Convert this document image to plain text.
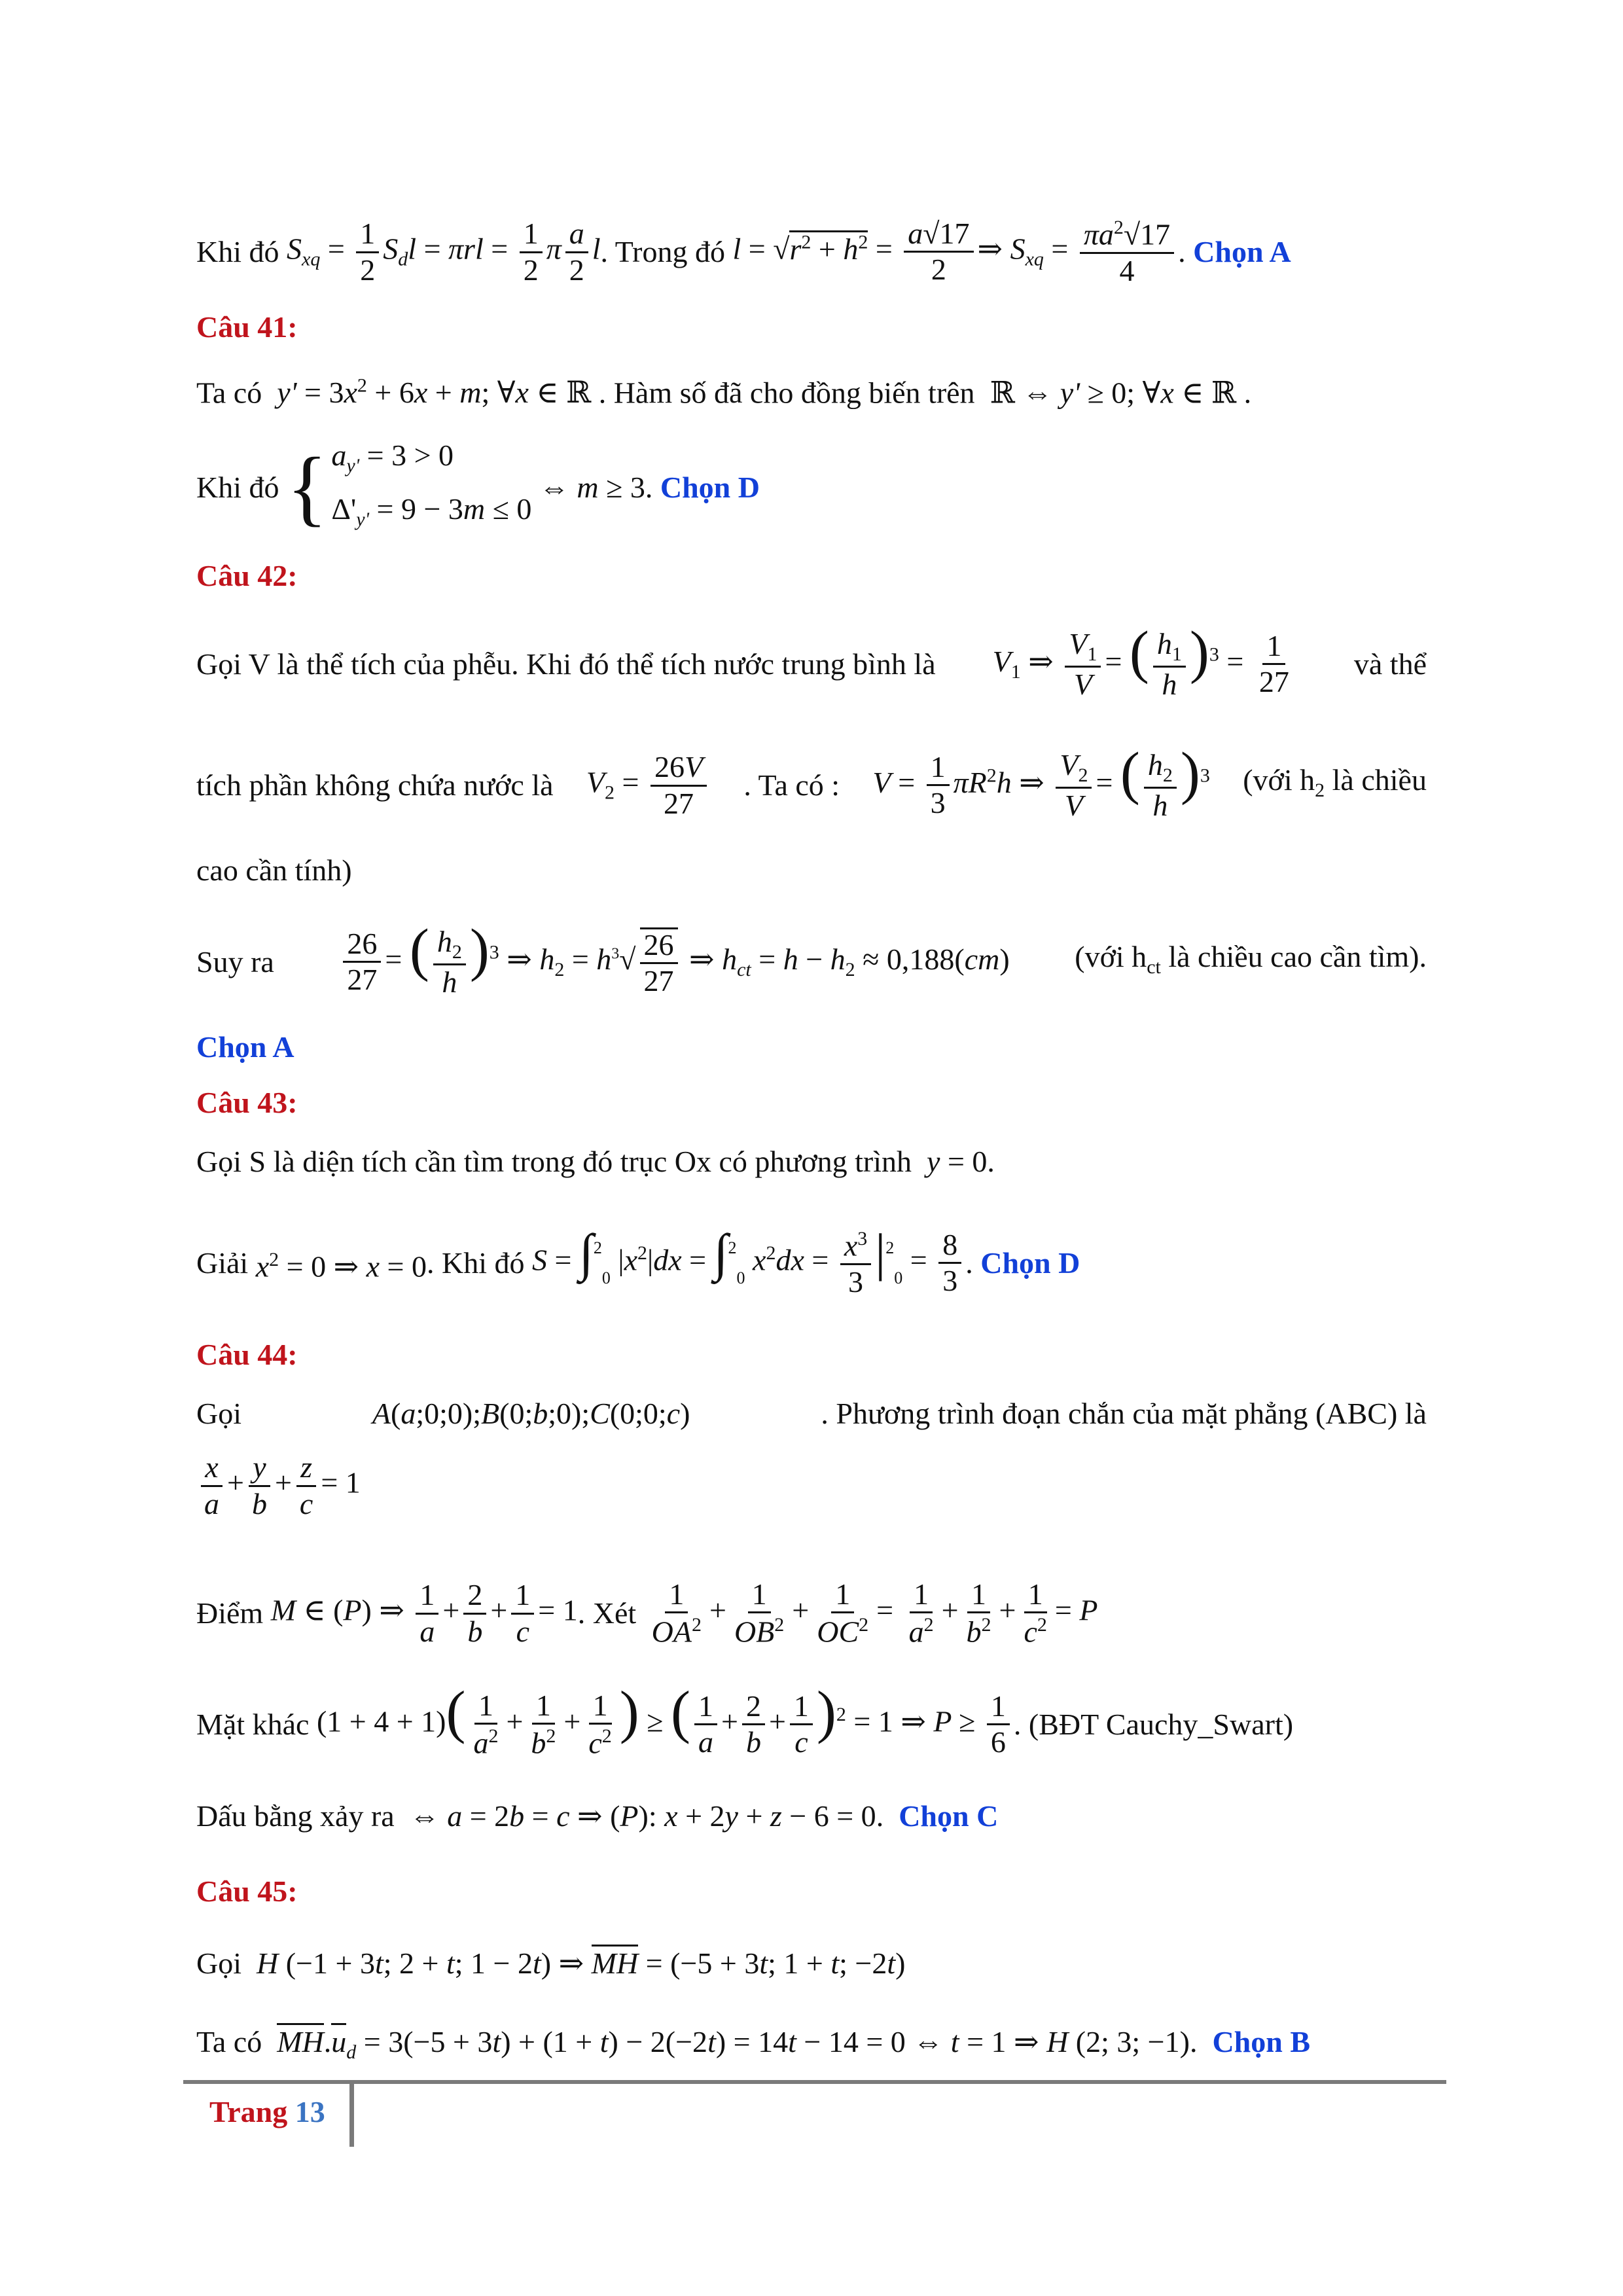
Khi đó
$S_{xq} = \frac{1}{2} S_dl = \pi rl = \frac{1}{2}$ π $\frac{a}{2}$ l . Trong đó
$l = √r^2 + h^2 = \frac{a√17}{2}$ ⇒ $S_{xq} = \frac{\pi a^2√17}{4}$ . Chọn A
Câu 41:
Ta có $y' = 3x^2 + 6x + m$; ∀x ∈ ℝ . Hàm số đã cho đồng biến trên ℝ ⇔ y' ≥ 0; ∀x ∈ ℝ .
Khi đó
{ $a_{y'} = 3 > 0$
$\Delta'_{y'} = 9 - 3m \le 0$
⇔ m ≥ 3 . Chọn D
Câu 42:
Gọi V là thể tích của phễu. Khi đó thể tích nước trung bình là $V_1$ ⇒ $\frac{V_1}{V}$ = ( $\frac{h_1}{h} )^3 = \frac{1}{27}$ và thể
tích phần không chứa nước là $V_2 = \frac{26V}{27}$ . Ta có : $V = \frac{1}{3} \pi R^2h$ ⇒ $\frac{V_2}{V}$ = ( $\frac{h_2}{h} )^3$ (với $h_2$ là chiều
cao cần tính)
Suy ra $\frac{26}{27}$ = ( $\frac{h_2}{h} )^3$ ⇒ $h_2 = h^3√ \frac{26}{27}$ ⇒ $h_{ct} = h - h_2 \approx 0,188(cm)$ (với $h_{ct}$ là chiều cao cần tìm).
Chọn A
Câu 43:
Gọi S là diện tích cần tìm trong đó trục Ox có phương trình y = 0.
Giải
$x^2 = 0$ ⇒ x = 0 . Khi đó
S = ∫$^2$0 $|x^2|dx = \int^20$ $x^2dx = \frac{x^3}{3} |^20 = \frac{8}{3}$ . Chọn D
Câu 44:
Gọi	A(a;0;0);B(0;b;0);C(0;0;c)	. Phương trình đoạn chắn của mặt phẳng (ABC) là
$\frac{x}{a} + \frac{y}{b} + \frac{z}{c} = 1$
Điểm
M ∈ (P) ⇒ $\frac{1}{a} + \frac{2}{b} + \frac{1}{c} = 1$ . Xét
$\frac{1}{OA^2} + \frac{1}{OB^2} + \frac{1}{OC^2} = \frac{1}{a^2} + \frac{1}{b^2} + \frac{1}{c^2} = P$
Mặt khác
$(1 + 4 + 1)( \frac{1}{a^2} + \frac{1}{b^2} + \frac{1}{c^2}$ ) ≥ ( $\frac{1}{a} + \frac{2}{b} + \frac{1}{c} )^2 = 1$ ⇒ $P \ge \frac{1}{6}$ . (BĐT Cauchy_Swart)
Dấu bằng xảy ra ⇔ a = 2b = c ⇒ (P): x + 2y + z − 6 = 0.  Chọn C
Câu 45:
Gọi H (−1 + 3t; 2 + t; 1 − 2t) ⇒ MH = (−5 + 3t; 1 + t; −2t)
Ta có $MH.u_d = 3(-5 + 3t) + (1 + t) - 2(-2t) = 14t - 14 = 0$ ⇔ t = 1 ⇒ H (2; 3; −1).  Chọn B
Trang 13
